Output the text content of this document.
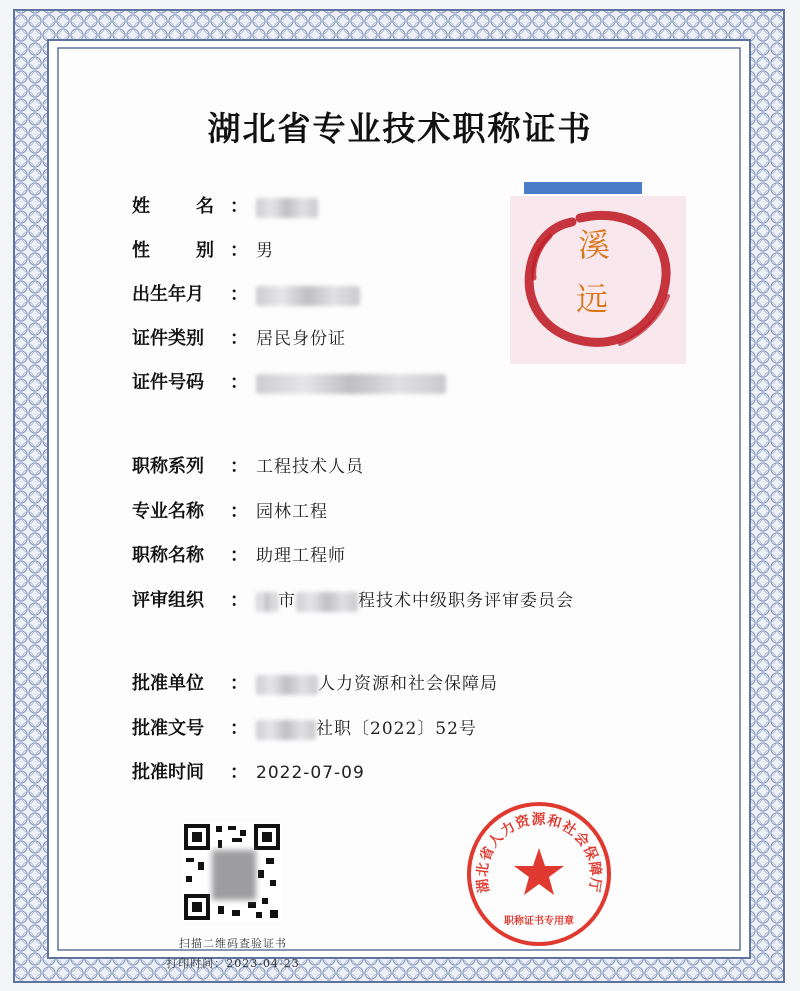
湖北省专业技术职称证书
溪
远
姓	名 ：
性	别 ： 男
出生年月	：
证件类别	： 居民身份证
证件号码	：
职称系列	： 工程技术人员
专业名称	： 园林工程
职称名称	： 助理工程师
评审组织	：	市	程技术中级职务评审委员会
批准单位	：	人力资源和社会保障局
批准文号	：	社职〔2022〕52号
批准时间	： 2022-07-09
扫描二维码查验证书
打印时间：2023-04-23
湖北省人力资源和社会保障厅
职称证书专用章
